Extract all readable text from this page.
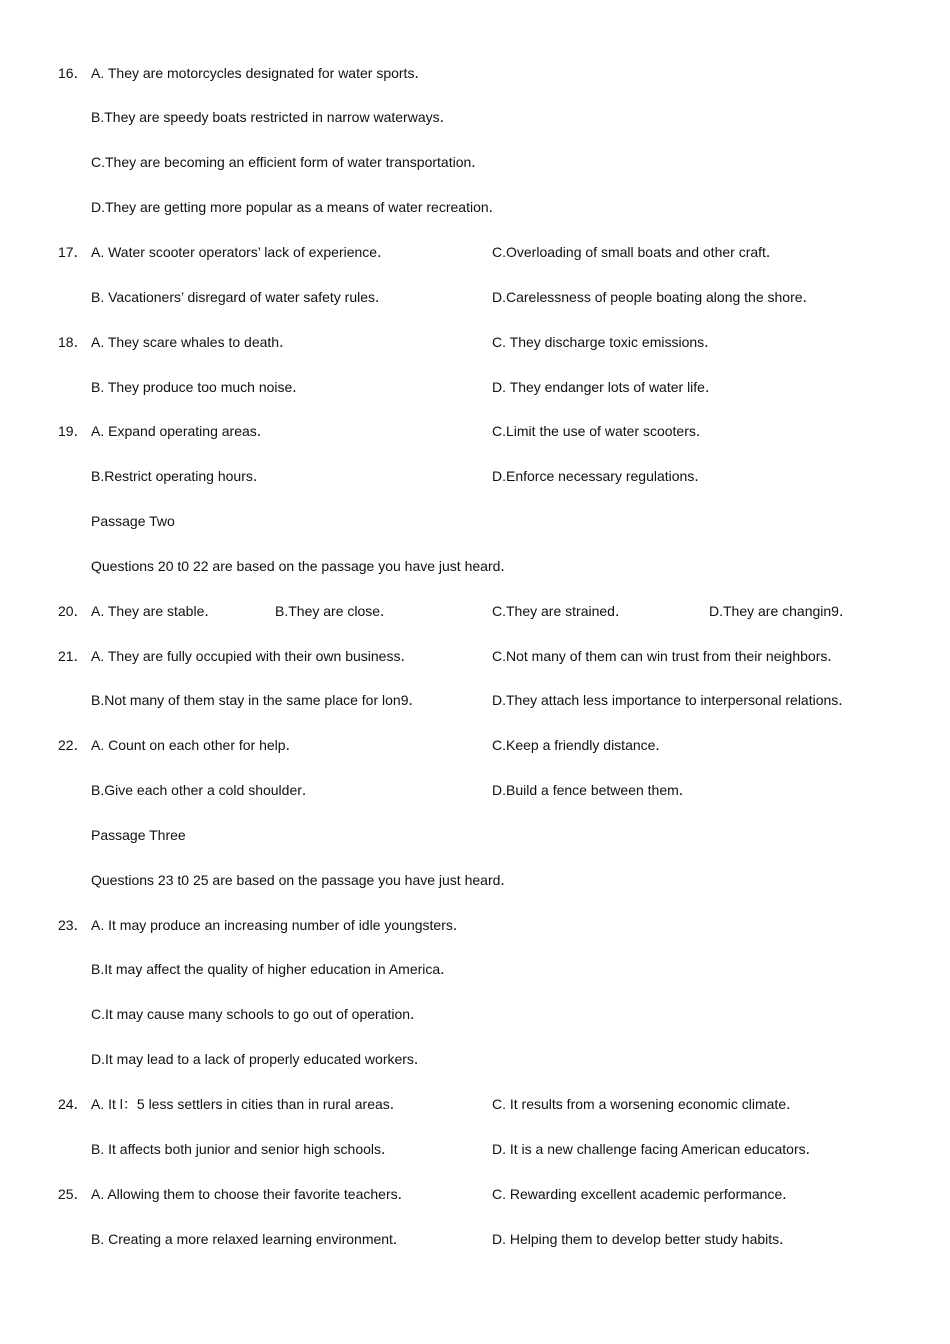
16． A. They are motorcycles designated for water sports．
B.They are speedy boats restricted in narrow waterways．
C.They are becoming an efficient form of water transportation．
D.They are getting more popular as a means of water recreation．
17． A. Water scooter operators’ lack of experience．	C.Overloading of small boats and other craft．
B. Vacationers’ disregard of water safety rules．	D.Carelessness of people boating along the shore．
18． A. They scare whales to death．	C. They discharge toxic emissions．
B. They produce too much noise．	D. They endanger lots of water life．
19． A. Expand operating areas．	C.Limit the use of water scooters．
B.Restrict operating hours．	D.Enforce necessary regulations．
Passage Two
Questions 20 t0 22 are based on the passage you have just heard．
20． A. They are stable．	B.They are close．	C.They are strained．	D.They are changin9．
21． A. They are fully occupied with their own business．	C.Not many of them can win trust from their neighbors．
B.Not many of them stay in the same place for lon9．	D.They attach less importance to interpersonal relations．
22． A. Count on each other for help．	C.Keep a friendly distance．
B.Give each other a cold shoulder．	D.Build a fence between them．
Passage Three
Questions 23 t0 25 are based on the passage you have just heard．
23． A. It may produce an increasing number of idle youngsters．
B.It may affect the quality of higher education in America．
C.It may cause many schools to go out of operation．
D.It may lead to a lack of properly educated workers．
24． A. It l：5 less settlers in cities than in rural areas．	C. It results from a worsening economic climate．
B. It affects both junior and senior high schools．	D. It is a new challenge facing American educators．
25． A. Allowing them to choose their favorite teachers．	C. Rewarding excellent academic performance．
B. Creating a more relaxed learning environment．	D. Helping them to develop better study habits．
